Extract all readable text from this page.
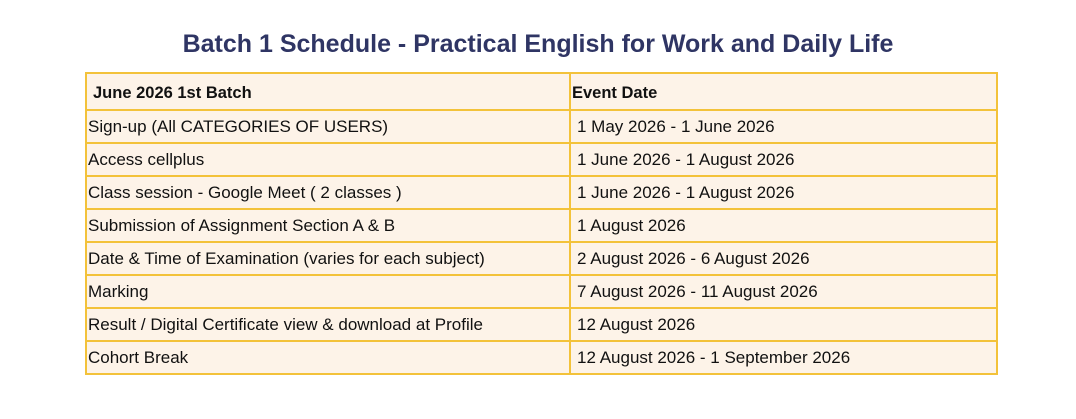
Batch 1 Schedule - Practical English for Work and Daily Life
June 2026 1st Batch	Event Date
Sign-up (All CATEGORIES OF USERS)	1 May 2026 - 1 June 2026
Access cellplus	1 June 2026 - 1 August 2026
Class session - Google Meet ( 2 classes )	1 June 2026 - 1 August 2026
Submission of Assignment Section A & B	1 August 2026
Date & Time of Examination (varies for each subject)	2 August 2026 - 6 August 2026
Marking	7 August 2026 - 11 August 2026
Result / Digital Certificate view & download at Profile	12 August 2026
Cohort Break	12 August 2026 - 1 September 2026
